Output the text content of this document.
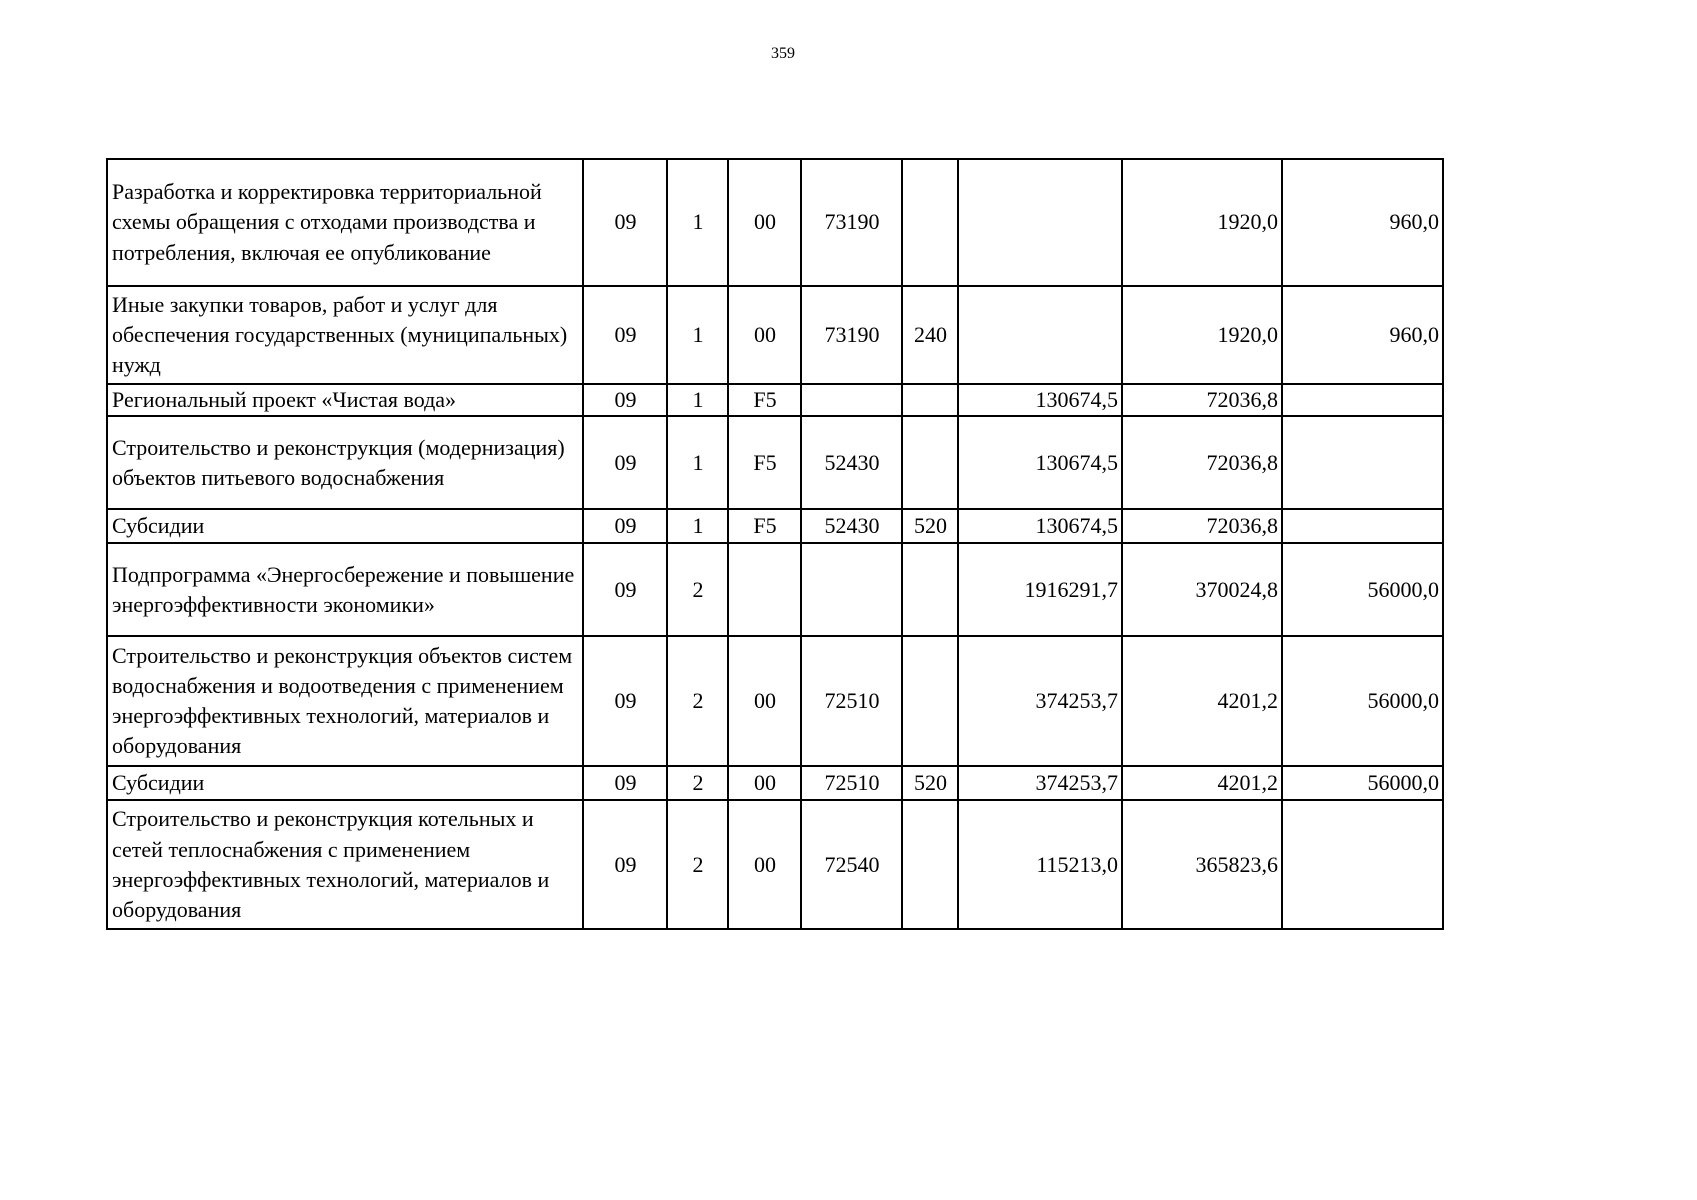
359
Разработка и корректировка территориальной схемы обращения с отходами производства и потребления, включая ее опубликование	09	1	00	73190			1920,0	960,0
Иные закупки товаров, работ и услуг для обеспечения государственных (муниципальных) нужд	09	1	00	73190	240		1920,0	960,0
Региональный проект «Чистая вода»	09	1	F5			130674,5	72036,8	
Строительство и реконструкция (модернизация) объектов питьевого водоснабжения	09	1	F5	52430		130674,5	72036,8	
Субсидии	09	1	F5	52430	520	130674,5	72036,8	
Подпрограмма «Энергосбережение и повышение энергоэффективности экономики»	09	2				1916291,7	370024,8	56000,0
Строительство и реконструкция объектов систем водоснабжения и водоотведения с применением энергоэффективных технологий, материалов и оборудования	09	2	00	72510		374253,7	4201,2	56000,0
Субсидии	09	2	00	72510	520	374253,7	4201,2	56000,0
Строительство и реконструкция котельных и сетей теплоснабжения с применением энергоэффективных технологий, материалов и оборудования	09	2	00	72540		115213,0	365823,6	
